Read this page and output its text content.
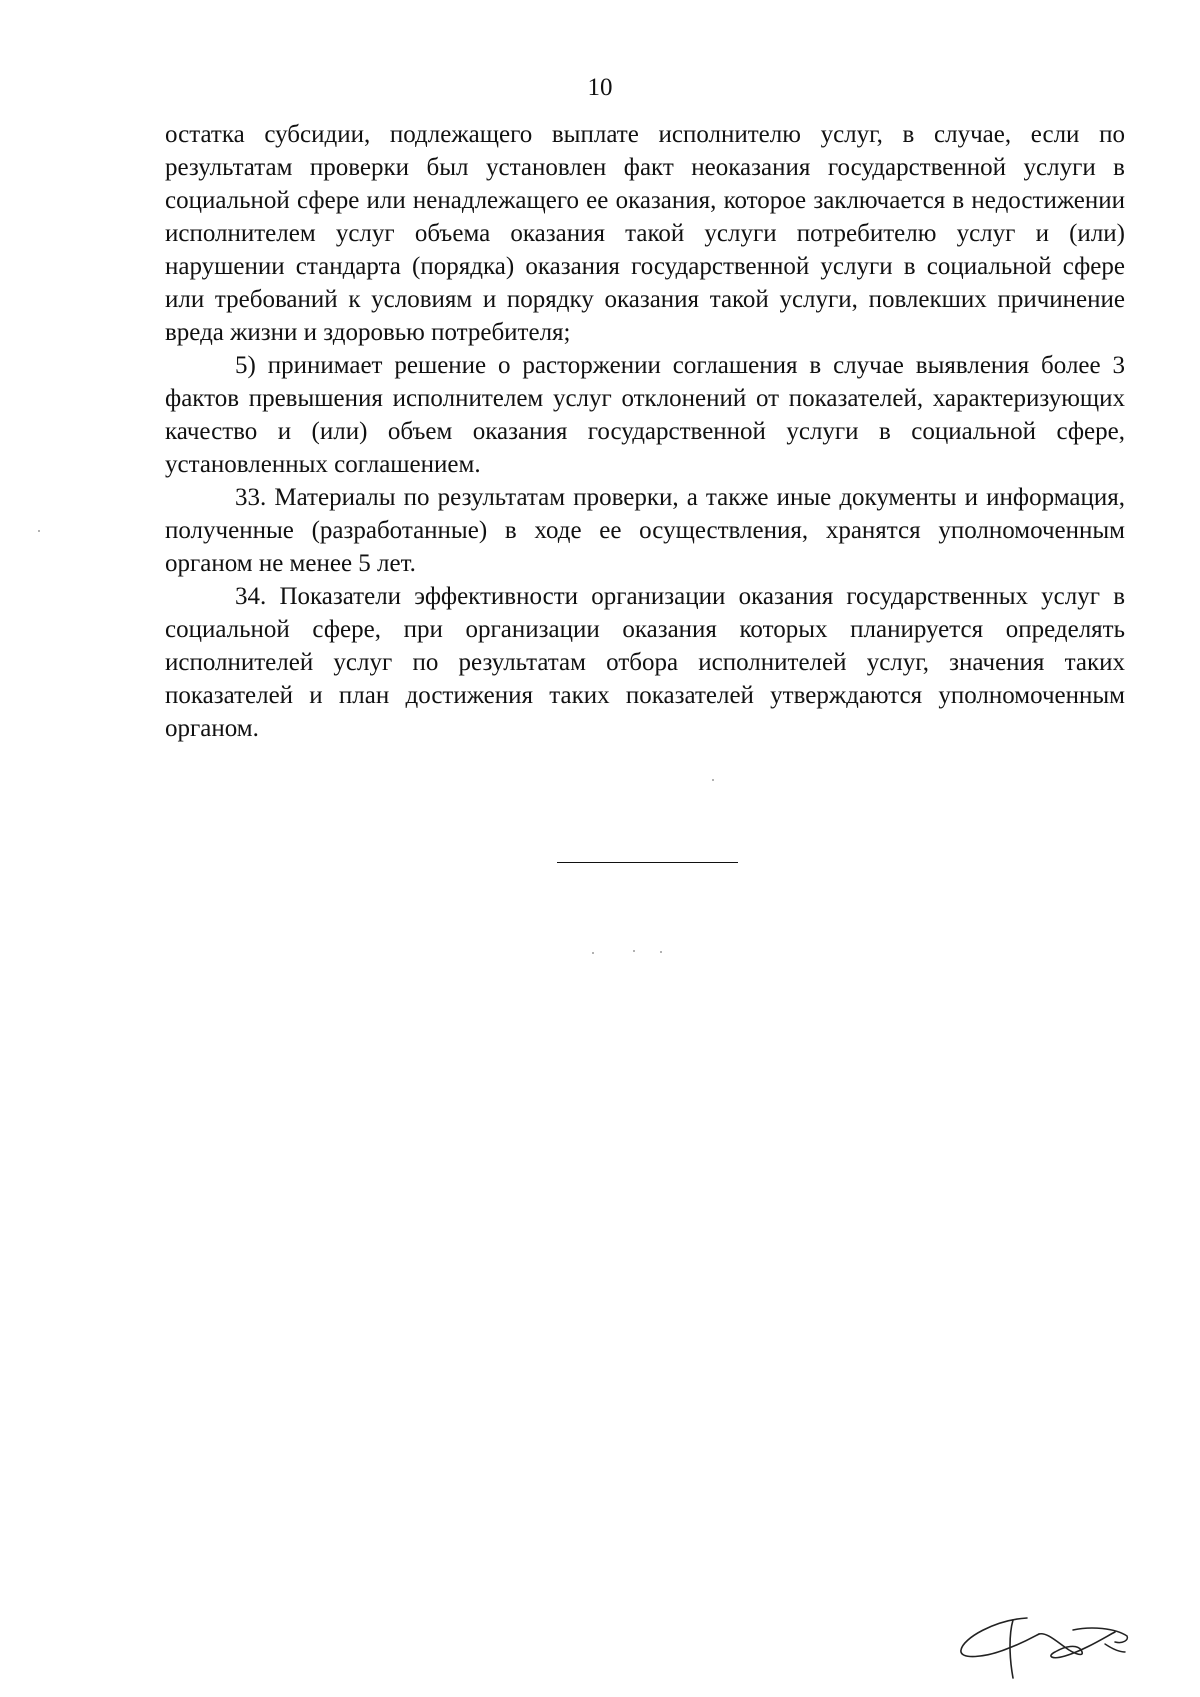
10

остатка субсидии, подлежащего выплате исполнителю услуг, в случае, если по результатам проверки был установлен факт неоказания государственной услуги в социальной сфере или ненадлежащего ее оказания, которое заключается в недостижении исполнителем услуг объема оказания такой услуги потребителю услуг и (или) нарушении стандарта (порядка) оказания государственной услуги в социальной сфере или требований к условиям и порядку оказания такой услуги, повлекших причинение вреда жизни и здоровью потребителя;

5) принимает решение о расторжении соглашения в случае выявления более 3 фактов превышения исполнителем услуг отклонений от показателей, характеризующих качество и (или) объем оказания государственной услуги в социальной сфере, установленных соглашением.

33. Материалы по результатам проверки, а также иные документы и информация, полученные (разработанные) в ходе ее осуществления, хранятся уполномоченным органом не менее 5 лет.

34. Показатели эффективности организации оказания государственных услуг в социальной сфере, при организации оказания которых планируется определять исполнителей услуг по результатам отбора исполнителей услуг, значения таких показателей и план достижения таких показателей утверждаются уполномоченным органом.
